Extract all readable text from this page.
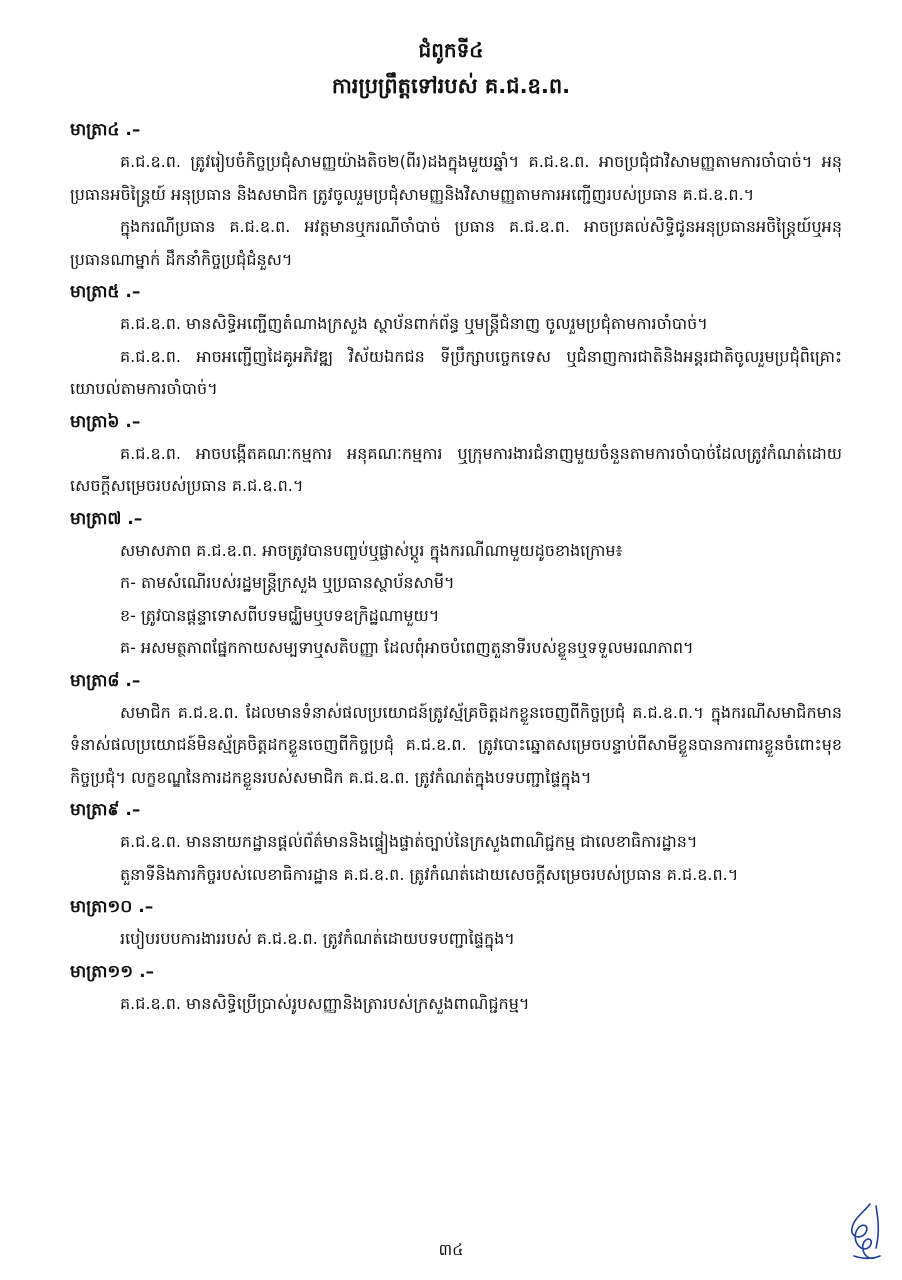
ជំពូកទី៤
ការប្រព្រឹត្តទៅរបស់ គ.ជ.ឧ.ព.
មាត្រា៤ .–

គ.ជ.ឧ.ព. ត្រូវរៀបចំកិច្ចប្រជុំសាមញ្ញយ៉ាងតិច២(ពីរ)ដងក្នុងមួយឆ្នាំ។ គ.ជ.ឧ.ព. អាចប្រជុំជាវិសាមញ្ញតាមការចាំបាច់។ អនុប្រធានអចិន្ត្រៃយ៍ អនុប្រធាន និងសមាជិក ត្រូវចូលរួមប្រជុំសាមញ្ញនិងវិសាមញ្ញតាមការអញ្ជើញរបស់ប្រធាន គ.ជ.ឧ.ព.។

ក្នុងករណីប្រធាន គ.ជ.ឧ.ព. អវត្តមានឬករណីចាំបាច់ ប្រធាន គ.ជ.ឧ.ព. អាចប្រគល់សិទ្ធិជូនអនុប្រធានអចិន្ត្រៃយ៍ឬអនុប្រធានណាម្នាក់ ដឹកនាំកិច្ចប្រជុំជំនួស។

មាត្រា៥ .–

គ.ជ.ឧ.ព. មានសិទ្ធិអញ្ជើញតំណាងក្រសួង ស្ថាប័នពាក់ព័ន្ធ ឬមន្ត្រីជំនាញ ចូលរួមប្រជុំតាមការចាំបាច់។

គ.ជ.ឧ.ព. អាចអញ្ជើញដៃគូអភិវឌ្ឍ វិស័យឯកជន ទីប្រឹក្សាបច្ចេកទេស ឬជំនាញការជាតិនិងអន្តរជាតិចូលរួមប្រជុំពិគ្រោះយោបល់តាមការចាំបាច់។

មាត្រា៦ .–

គ.ជ.ឧ.ព. អាចបង្កើតគណៈកម្មការ អនុគណៈកម្មការ ឬក្រុមការងារជំនាញមួយចំនួនតាមការចាំបាច់ដែលត្រូវកំណត់ដោយសេចក្តីសម្រេចរបស់ប្រធាន គ.ជ.ឧ.ព.។

មាត្រា៧ .–

សមាសភាព គ.ជ.ឧ.ព. អាចត្រូវបានបញ្ចប់ឬផ្លាស់ប្តូរ ក្នុងករណីណាមួយដូចខាងក្រោម៖

ក- តាមសំណើរបស់រដ្ឋមន្ត្រីក្រសួង ឬប្រធានស្ថាប័នសាមី។

ខ- ត្រូវបានផ្តន្ទាទោសពីបទមជ្ឈិមឬបទឧក្រិដ្ឋណាមួយ។

គ- អសមត្ថភាពផ្នែកកាយសម្បទាឬសតិបញ្ញា ដែលពុំអាចបំពេញតួនាទីរបស់ខ្លួនឬទទួលមរណភាព។

មាត្រា៨ .–

សមាជិក គ.ជ.ឧ.ព. ដែលមានទំនាស់ផលប្រយោជន៍ត្រូវស្ម័គ្រចិត្តដកខ្លួនចេញពីកិច្ចប្រជុំ គ.ជ.ឧ.ព.។ ក្នុងករណីសមាជិកមានទំនាស់ផលប្រយោជន៍មិនស្ម័គ្រចិត្តដកខ្លួនចេញពីកិច្ចប្រជុំ គ.ជ.ឧ.ព. ត្រូវបោះឆ្នោតសម្រេចបន្ទាប់ពីសាមីខ្លួនបានការពារខ្លួនចំពោះមុខកិច្ចប្រជុំ។ លក្ខខណ្ឌនៃការដកខ្លួនរបស់សមាជិក គ.ជ.ឧ.ព. ត្រូវកំណត់ក្នុងបទបញ្ជាផ្ទៃក្នុង។

មាត្រា៩ .–

គ.ជ.ឧ.ព. មាននាយកដ្ឋានផ្តល់ព័ត៌មាននិងផ្ទៀងផ្ទាត់ច្បាប់នៃក្រសួងពាណិជ្ជកម្ម ជាលេខាធិការដ្ឋាន។

តួនាទីនិងភារកិច្ចរបស់លេខាធិការដ្ឋាន គ.ជ.ឧ.ព. ត្រូវកំណត់ដោយសេចក្តីសម្រេចរបស់ប្រធាន គ.ជ.ឧ.ព.។

មាត្រា១០ .–

របៀបរបបការងាររបស់ គ.ជ.ឧ.ព. ត្រូវកំណត់ដោយបទបញ្ជាផ្ទៃក្នុង។

មាត្រា១១ .–

គ.ជ.ឧ.ព. មានសិទ្ធិប្រើប្រាស់រូបសញ្ញានិងត្រារបស់ក្រសួងពាណិជ្ជកម្ម។

៣៤
